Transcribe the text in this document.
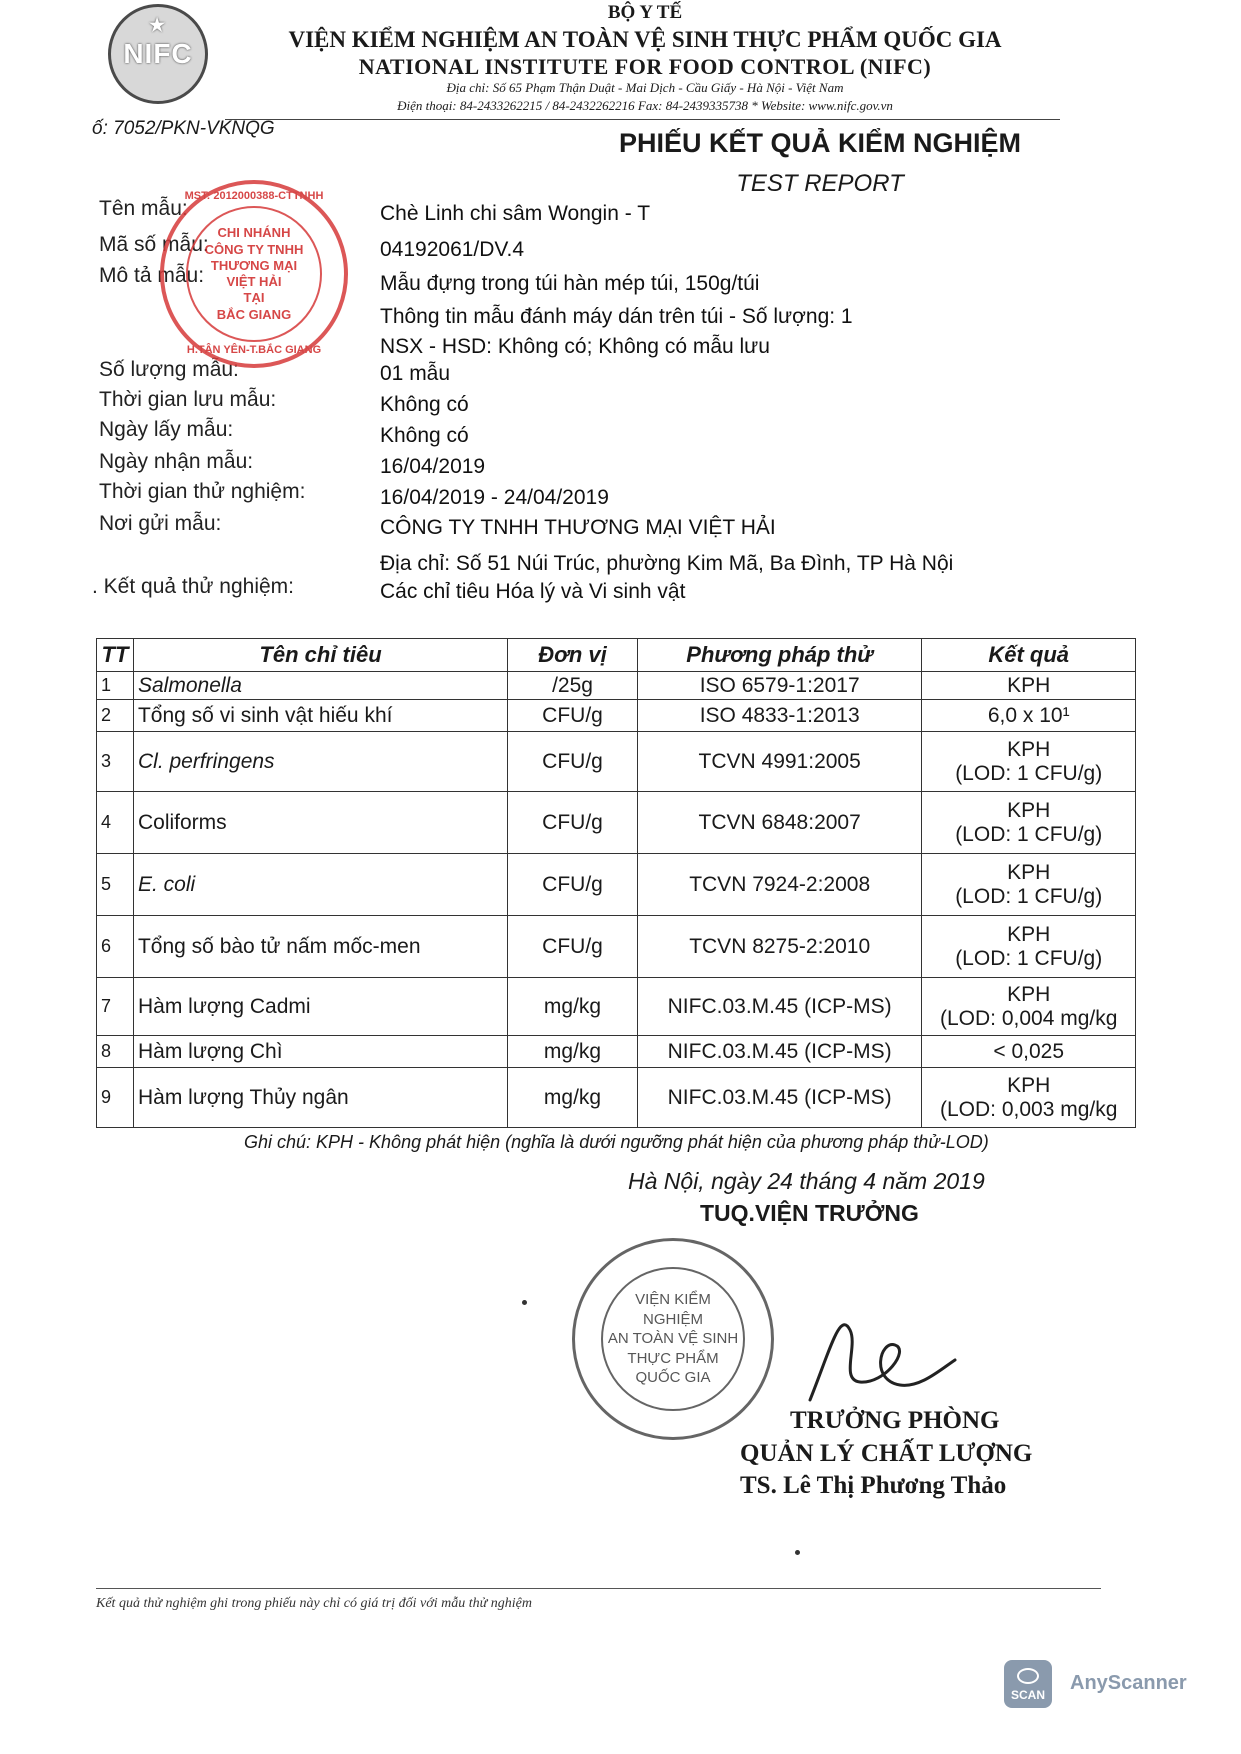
★
NIFC
BỘ Y TẾ
VIỆN KIỂM NGHIỆM AN TOÀN VỆ SINH THỰC PHẨM QUỐC GIA
NATIONAL INSTITUTE FOR FOOD CONTROL (NIFC)
Địa chỉ: Số 65 Phạm Thận Duật - Mai Dịch - Cầu Giấy - Hà Nội - Việt Nam
Điện thoại: 84-2433262215 / 84-2432262216 Fax: 84-2439335738 * Website: www.nifc.gov.vn
ố: 7052/PKN-VKNQG	PHIẾU KẾT QUẢ KIỂM NGHIỆM
TEST REPORT
Tên mẫu:	Chè Linh chi sâm Wongin - T
Mã số mẫu:	04192061/DV.4
Mô tả mẫu:	Mẫu đựng trong túi hàn mép túi, 150g/túi
Thông tin mẫu đánh máy dán trên túi - Số lượng: 1
NSX - HSD: Không có; Không có mẫu lưu
Số lượng mẫu:	01 mẫu
Thời gian lưu mẫu:	Không có
Ngày lấy mẫu:	Không có
Ngày nhận mẫu:	16/04/2019
Thời gian thử nghiệm:	16/04/2019 - 24/04/2019
Nơi gửi mẫu:	CÔNG TY TNHH THƯƠNG MẠI VIỆT HẢI
Địa chỉ: Số 51 Núi Trúc, phường Kim Mã, Ba Đình, TP Hà Nội
. Kết quả thử nghiệm:	Các chỉ tiêu Hóa lý và Vi sinh vật
MST: 2012000388-CTTNHH
CHI NHÁNH
CÔNG TY TNHH
THƯƠNG MẠI
VIỆT HẢI
TẠI
BẮC GIANG
H.TÂN YÊN-T.BẮC GIANG
TT	Tên chỉ tiêu	Đơn vị	Phương pháp thử	Kết quả
1	Salmonella	/25g	ISO 6579-1:2017	KPH
2	Tổng số vi sinh vật hiếu khí	CFU/g	ISO 4833-1:2013	6,0 x 10¹
3	Cl. perfringens	CFU/g	TCVN 4991:2005	KPH
(LOD: 1 CFU/g)

4	Coliforms	CFU/g	TCVN 6848:2007	KPH
(LOD: 1 CFU/g)

5	E. coli	CFU/g	TCVN 7924-2:2008	KPH
(LOD: 1 CFU/g)

6	Tổng số bào tử nấm mốc-men	CFU/g	TCVN 8275-2:2010	KPH
(LOD: 1 CFU/g)

7	Hàm lượng Cadmi	mg/kg	NIFC.03.M.45 (ICP-MS)	KPH
(LOD: 0,004 mg/kg

8	Hàm lượng Chì	mg/kg	NIFC.03.M.45 (ICP-MS)	< 0,025
9	Hàm lượng Thủy ngân	mg/kg	NIFC.03.M.45 (ICP-MS)	KPH
(LOD: 0,003 mg/kg
Ghi chú: KPH - Không phát hiện (nghĩa là dưới ngưỡng phát hiện của phương pháp thử-LOD)
Hà Nội, ngày 24 tháng 4 năm 2019
TUQ.VIỆN TRƯỞNG
VIỆN KIỂM NGHIỆM
AN TOÀN VỆ SINH
THỰC PHẨM
QUỐC GIA
TRƯỞNG PHÒNG
QUẢN LÝ CHẤT LƯỢNG
TS. Lê Thị Phương Thảo
Kết quả thử nghiệm ghi trong phiếu này chỉ có giá trị đối với mẫu thử nghiệm
SCAN
AnyScanner
